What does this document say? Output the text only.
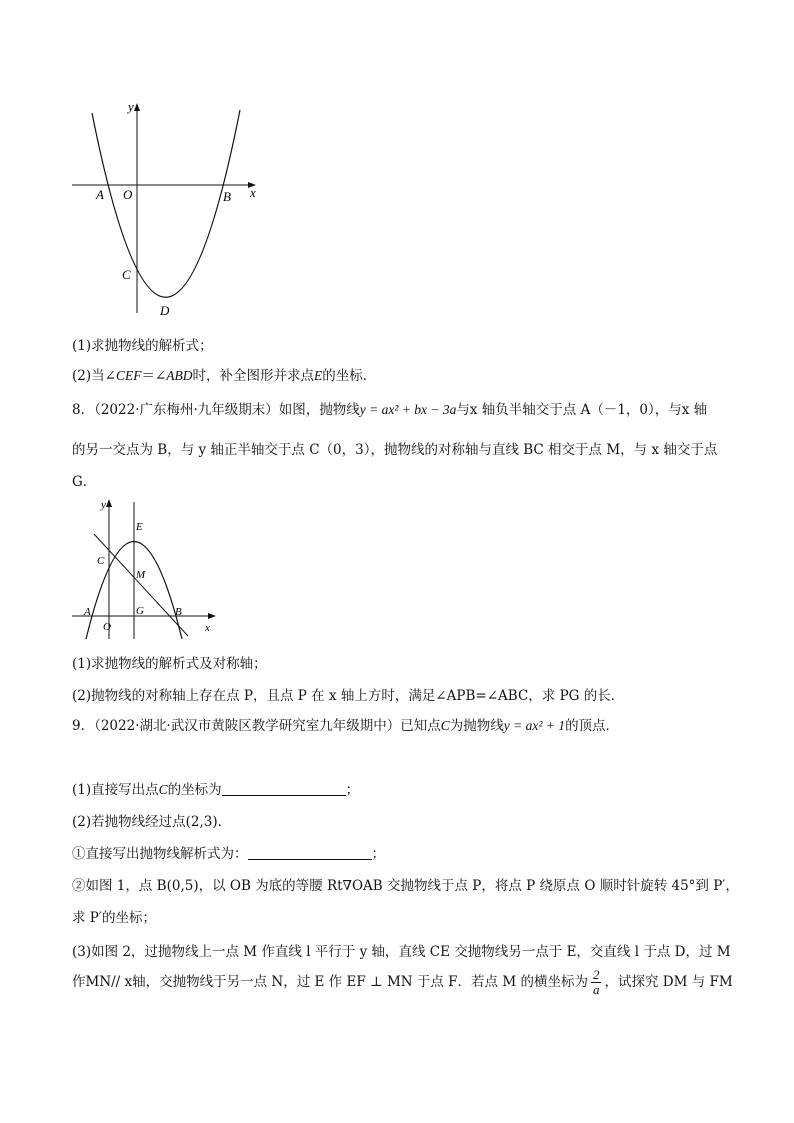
y
x
A O	B
C
D
(1)求抛物线的解析式；
(2)当∠CEF＝∠ABD时，补全图形并求点E的坐标．
8．（2022·广东梅州·九年级期末）如图，抛物线y = ax² + bx − 3a与x 轴负半轴交于点 A（－1，0），与x 轴
的另一交点为 B，与 y 轴正半轴交于点 C（0，3），抛物线的对称轴与直线 BC 相交于点 M，与 x 轴交于点
G．
y
x
E
C
M
A	G	B
O
(1)求抛物线的解析式及对称轴；
(2)抛物线的对称轴上存在点 P，且点 P 在 x 轴上方时，满足∠APB=∠ABC，求 PG 的长．
9．（2022·湖北·武汉市黄陂区教学研究室九年级期中）已知点C为抛物线y = ax² + 1的顶点．
(1)直接写出点C的坐标为	；
(2)若抛物线经过点(2,3)．
①直接写出抛物线解析式为：	；
②如图 1，点 B(0,5)，以 OB 为底的等腰 Rt∇OAB 交抛物线于点 P，将点 P 绕原点 O 顺时针旋转 45°到 P′，
求 P′的坐标；
(3)如图 2，过抛物线上一点 M 作直线 l 平行于 y 轴，直线 CE 交抛物线另一点于 E，交直线 l 于点 D，过 M
作MN// x轴，交抛物线于另一点 N，过 E 作 EF ⊥ MN 于点 F．若点 M 的横坐标为 $\frac{2}{a}$ ，试探究 DM 与 FM
